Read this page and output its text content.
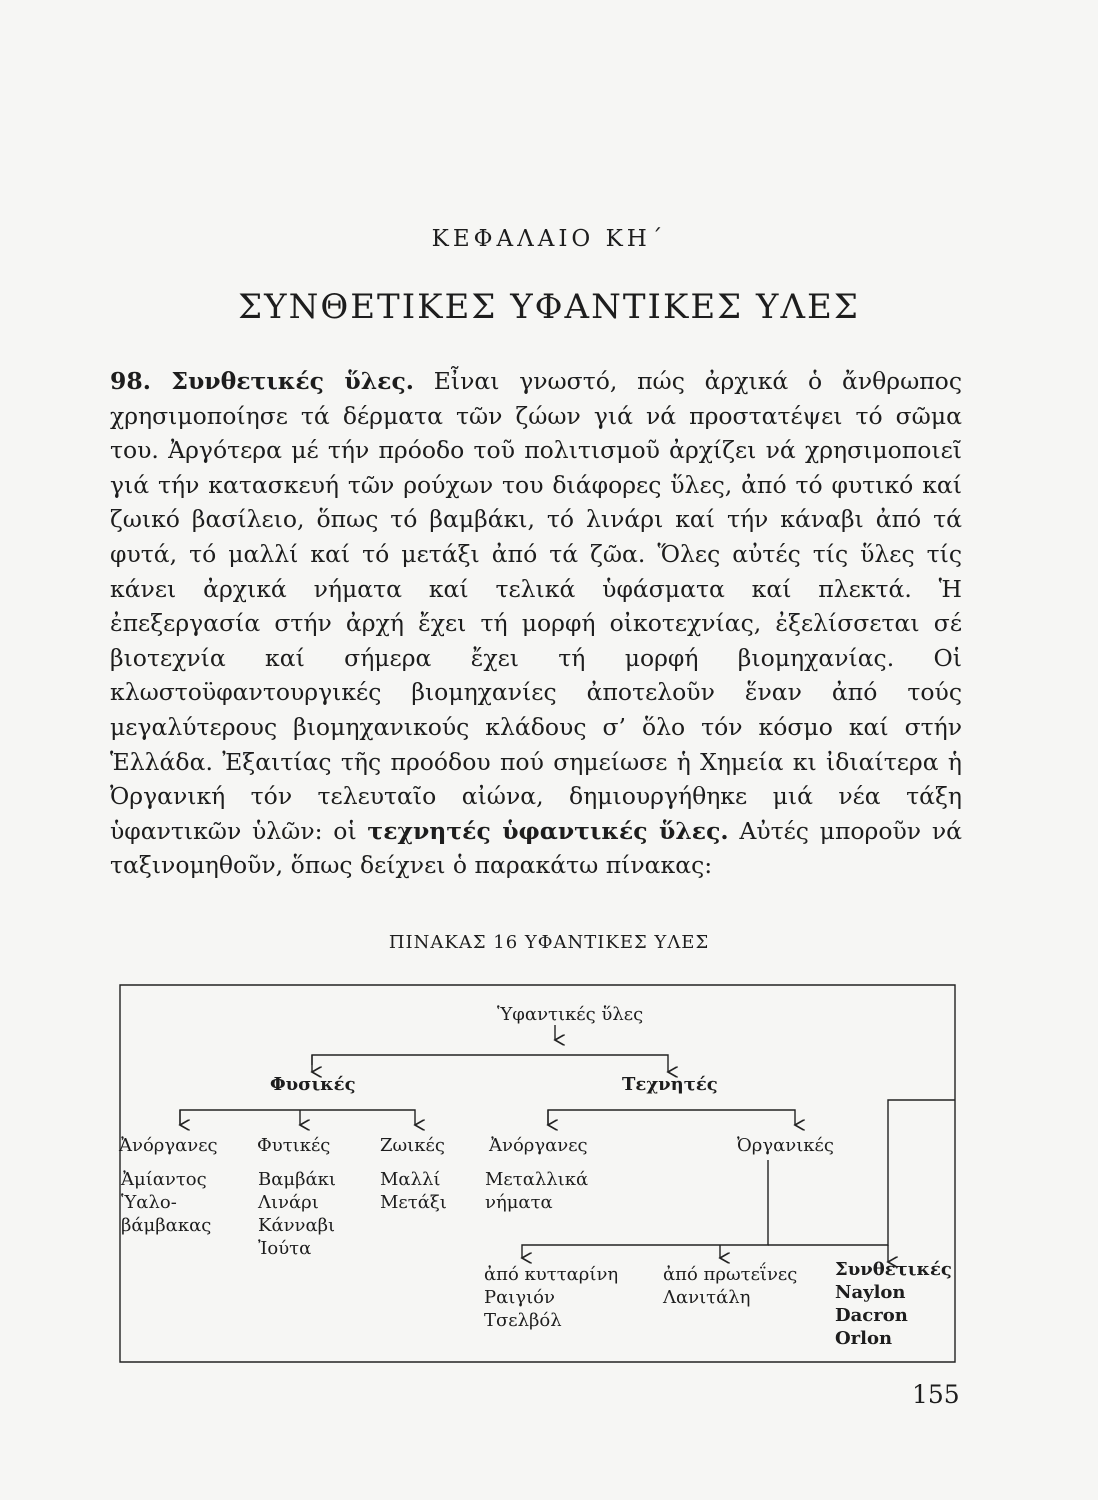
ΚΕΦΑΛΑΙΟ ΚΗ΄
ΣΥΝΘΕΤΙΚΕΣ ΥΦΑΝΤΙΚΕΣ ΥΛΕΣ

98. Συνθετικές ὕλες. Εἶναι γνωστό, πώς ἀρχικά ὁ ἄνθρωπος χρησιμοποίησε τά δέρματα τῶν ζώων γιά νά προστατέψει τό σῶμα του. Ἀργότερα μέ τήν πρόοδο τοῦ πολιτισμοῦ ἀρχίζει νά χρησιμοποιεῖ γιά τήν κατασκευή τῶν ρούχων του διάφορες ὕλες, ἀπό τό φυτικό καί ζωικό βασίλειο, ὅπως τό βαμβάκι, τό λινάρι καί τήν κάναβι ἀπό τά φυτά, τό μαλλί καί τό μετάξι ἀπό τά ζῶα. Ὅλες αὐτές τίς ὕλες τίς κάνει ἀρχικά νήματα καί τελικά ὑφάσματα καί πλεκτά. Ἡ ἐπεξεργασία στήν ἀρχή ἔχει τή μορφή οἰκοτεχνίας, ἐξελίσσεται σέ βιοτεχνία καί σήμερα ἔχει τή μορφή βιομηχανίας. Οἱ κλωστοϋφαντουργικές βιομηχανίες ἀποτελοῦν ἕναν ἀπό τούς μεγαλύτερους βιομηχανικούς κλάδους σ’ ὅλο τόν κόσμο καί στήν Ἑλλάδα. Ἐξαιτίας τῆς προόδου πού σημείωσε ἡ Χημεία κι ἰδιαίτερα ἡ Ὀργανική τόν τελευταῖο αἰώνα, δημιουργήθηκε μιά νέα τάξη ὑφαντικῶν ὑλῶν: οἱ τεχνητές ὑφαντικές ὕλες. Αὐτές μποροῦν νά ταξινομηθοῦν, ὅπως δείχνει ὁ παρακάτω πίνακας:

ΠΙΝΑΚΑΣ 16 ΥΦΑΝΤΙΚΕΣ ΥΛΕΣ
Ὑφαντικές ὕλες
Φυσικές	Τεχνητές
Ἀνόργανες Φυτικές	Ζωικές Ἀνόργανες	Ὀργανικές
Ἀμίαντος
Ὑαλο-
βάμβακας
Βαμβάκι
Λινάρι
Κάνναβι
Ἰούτα
Μαλλί
Μετάξι
Μεταλλικά
νήματα
ἀπό κυτταρίνη
Ραιγιόν
Τσελβόλ
ἀπό πρωτεΐνες
Λανιτάλη
Συνθετικές
Naylon
Dacron
Orlon
155
